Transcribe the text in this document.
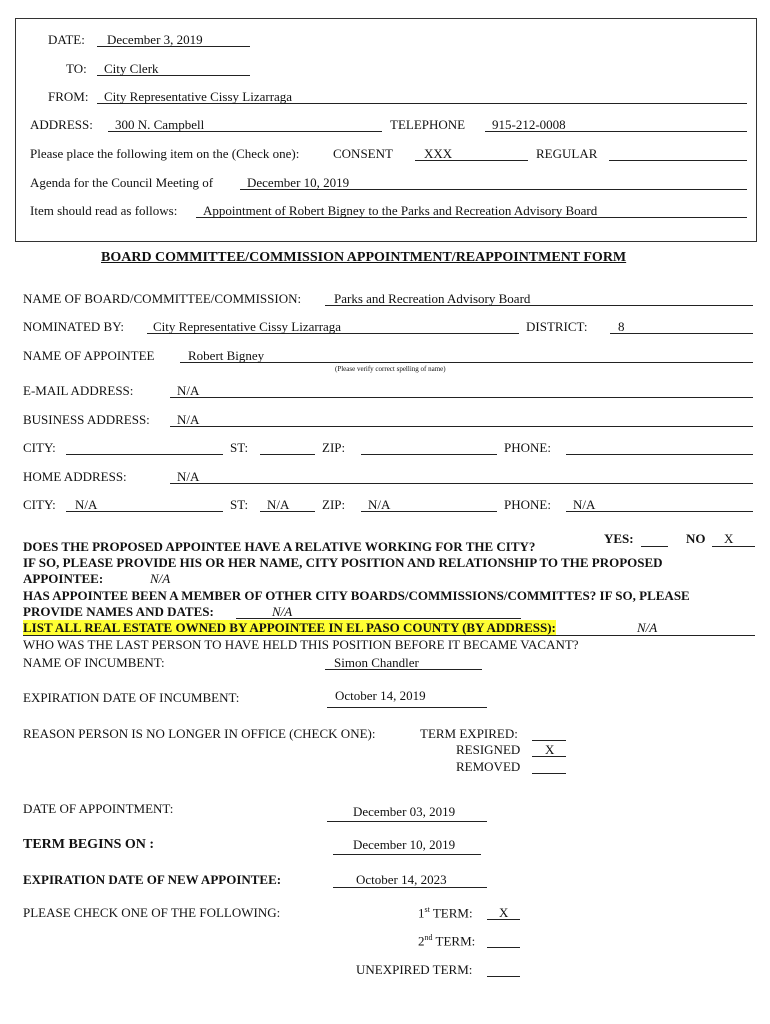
DATE: December 3, 2019
TO: City Clerk
FROM: City Representative Cissy Lizarraga
ADDRESS: 300 N. Campbell	TELEPHONE 915-212-0008
Please place the following item on the (Check one):	CONSENT XXX	REGULAR
Agenda for the Council Meeting of	December 10, 2019
Item should read as follows: Appointment of Robert Bigney to the Parks and Recreation Advisory Board
BOARD COMMITTEE/COMMISSION APPOINTMENT/REAPPOINTMENT FORM
NAME OF BOARD/COMMITTEE/COMMISSION:	Parks and Recreation Advisory Board
NOMINATED BY: City Representative Cissy Lizarraga	DISTRICT: 8
NAME OF APPOINTEE	Robert Bigney
(Please verify correct spelling of name)
E-MAIL ADDRESS:	N/A
BUSINESS ADDRESS: N/A
CITY:	ST:	ZIP:	PHONE:
HOME ADDRESS:	N/A
CITY: N/A	ST: N/A	ZIP: N/A	PHONE: N/A
YES:	NO X
DOES THE PROPOSED APPOINTEE HAVE A RELATIVE WORKING FOR THE CITY?
IF SO, PLEASE PROVIDE HIS OR HER NAME, CITY POSITION AND RELATIONSHIP TO THE PROPOSED
APPOINTEE:	N/A
HAS APPOINTEE BEEN A MEMBER OF OTHER CITY BOARDS/COMMISSIONS/COMMITTES? IF SO, PLEASE
PROVIDE NAMES AND DATES:	N/A
LIST ALL REAL ESTATE OWNED BY APPOINTEE IN EL PASO COUNTY (BY ADDRESS):	N/A
WHO WAS THE LAST PERSON TO HAVE HELD THIS POSITION BEFORE IT BECAME VACANT?
NAME OF INCUMBENT:	Simon Chandler
EXPIRATION DATE OF INCUMBENT:	October 14, 2019
REASON PERSON IS NO LONGER IN OFFICE (CHECK ONE):	TERM EXPIRED:
RESIGNED X
REMOVED
DATE OF APPOINTMENT:	December 03, 2019
TERM BEGINS ON :	December 10, 2019
EXPIRATION DATE OF NEW APPOINTEE:	October 14, 2023
PLEASE CHECK ONE OF THE FOLLOWING:	1st TERM: X
2nd TERM:
UNEXPIRED TERM:
